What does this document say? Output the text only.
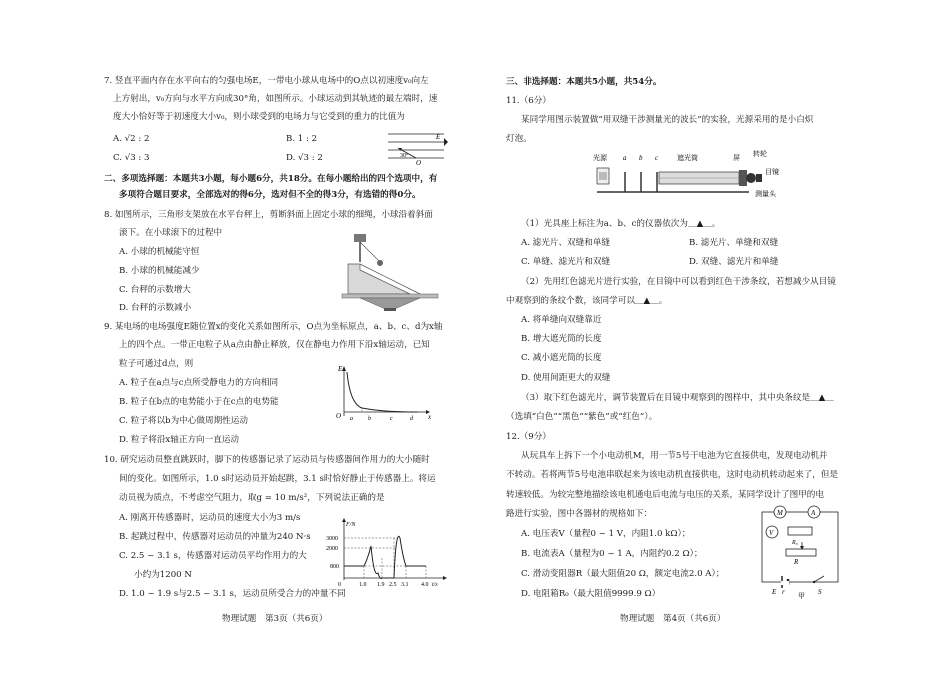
7. 竖直平面内存在水平向右的匀强电场E，一带电小球从电场中的O点以初速度v₀向左
上方射出，v₀方向与水平方向成30°角，如图所示。小球运动到其轨迹的最左端时，速
度大小恰好等于初速度大小v₀，则小球受到的电场力与它受到的重力的比值为
A. √2 : 2	B. 1 : 2
C. √3 : 3	D. √3 : 2
E
30°
O
二、多项选择题：本题共3小题，每小题6分，共18分。在每小题给出的四个选项中，有
多项符合题目要求，全部选对的得6分，选对但不全的得3分，有选错的得0分。
8. 如图所示，三角形支架放在水平台秤上，剪断斜面上固定小球的细绳，小球沿着斜面
滚下。在小球滚下的过程中
A. 小球的机械能守恒
B. 小球的机械能减少
C. 台秤的示数增大
D. 台秤的示数减小
9. 某电场的电场强度E随位置x的变化关系如图所示，O点为坐标原点，a、b、c、d为x轴
上的四个点。一带正电粒子从a点由静止释放，仅在静电力作用下沿x轴运动，已知
粒子可通过d点，则
A. 粒子在a点与c点所受静电力的方向相同
B. 粒子在b点的电势能小于在c点的电势能
C. 粒子将以b为中心做周期性运动
D. 粒子将沿x轴正方向一直运动
E
x
O a	b	c	d
10. 研究运动员整直跳跃时，脚下的传感器记录了运动员与传感器间作用力的大小随时
间的变化。如图所示，1.0 s时运动员开始起跳，3.1 s时恰好静止于传感器上。将运
动员视为质点，不考虑空气阻力，取g = 10 m/s²，下列说法正确的是
A. 刚离开传感器时，运动员的速度大小为3 m/s
B. 起跳过程中，传感器对运动员的冲量为240 N·s
C. 2.5 ~ 3.1 s，传感器对运动员平均作用力的大
小约为1200 N
D. 1.0 ~ 1.9 s与2.5 ~ 3.1 s，运动员所受合力的冲量不同
F/N
3000
2000
800
0	1.0 1.9 2.5 3.1 4.0 t/s
物理试题　第3页（共6页）
三、非选择题：本题共5小题，共54分。
11.（6分）
某同学用图示装置做“用双缝干涉测量光的波长”的实验，光源采用的是小白炽
灯泡。
光源 a b c	遮光筒	屏 转轮
目镜
测量头
（1）光具座上标注为a、b、c的仪器依次为＿▲＿。
A. 滤光片、双缝和单缝	B. 滤光片、单缝和双缝
C. 单缝、滤光片和双缝	D. 双缝、滤光片和单缝
（2）先用红色滤光片进行实验，在目镜中可以看到红色干涉条纹，若想减少从目镜
中观察到的条纹个数，该同学可以＿▲＿。
A. 将单缝向双缝靠近
B. 增大遮光筒的长度
C. 减小遮光筒的长度
D. 使用间距更大的双缝
（3）取下红色滤光片，调节装置后在目镜中观察到的图样中，其中央条纹是＿▲＿
（选填“白色”“黑色”“紫色”或“红色”）。
12.（9分）
从玩具车上拆下一个小电动机M，用一节5号干电池为它直接供电，发现电动机并
不转动。若将两节5号电池串联起来为该电动机直接供电，这时电动机转动起来了，但是
转速较低。为较完整地描绘该电机通电后电流与电压的关系，某同学设计了图甲的电
路进行实验，图中各器材的规格如下：
A. 电压表V（量程0 ~ 1 V，内阻1.0 kΩ）；
B. 电流表A（量程为0 ~ 1 A，内阻约0.2 Ω）；
C. 滑动变阻器R（最大阻值20 Ω，额定电流2.0 A）；
D. 电阻箱R₀（最大阻值9999.9 Ω）
M	A
V
R₀
R
E r	S
甲
物理试题　第4页（共6页）
